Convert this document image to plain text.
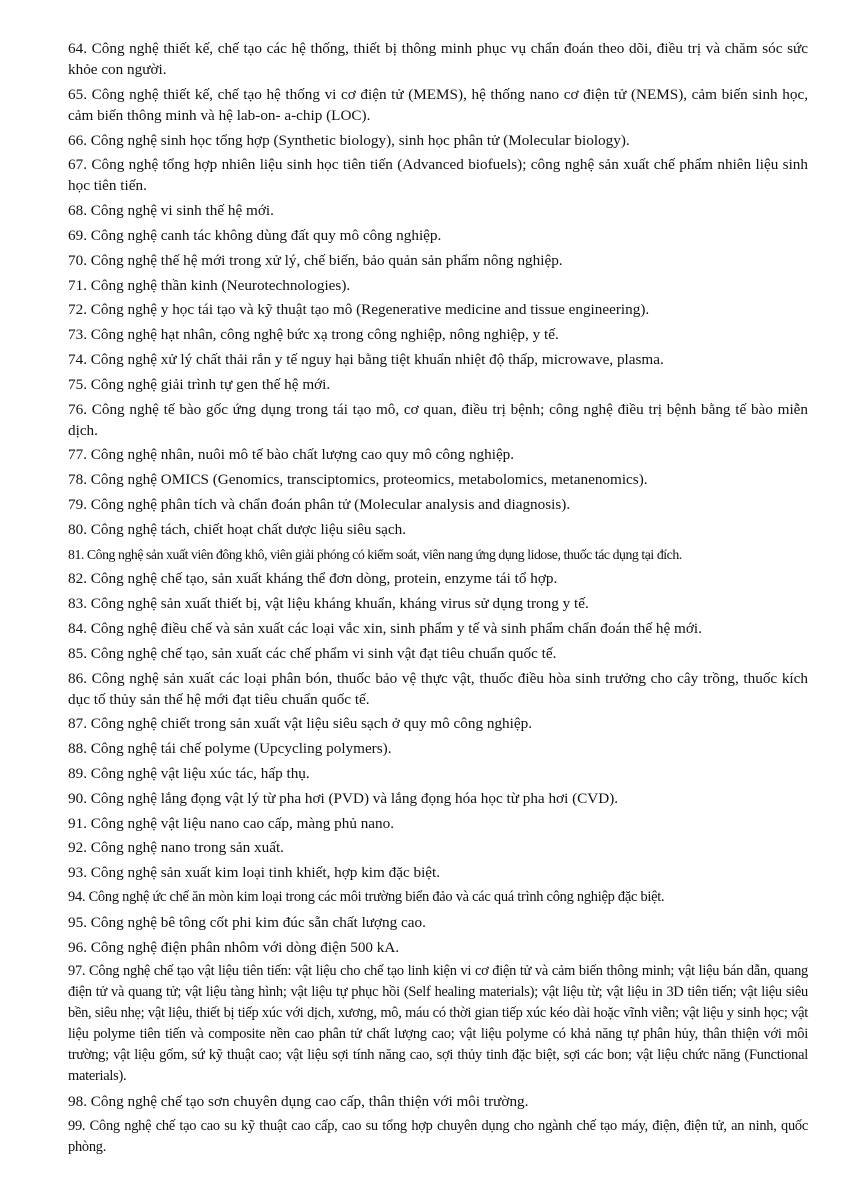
64. Công nghệ thiết kế, chế tạo các hệ thống, thiết bị thông minh phục vụ chẩn đoán theo dõi, điều trị và chăm sóc sức khỏe con người.

65. Công nghệ thiết kế, chế tạo hệ thống vi cơ điện tử (MEMS), hệ thống nano cơ điện tử (NEMS), cảm biến sinh học, cảm biến thông minh và hệ lab-on- a-chip (LOC).

66. Công nghệ sinh học tổng hợp (Synthetic biology), sinh học phân tử (Molecular biology).

67. Công nghệ tổng hợp nhiên liệu sinh học tiên tiến (Advanced biofuels); công nghệ sản xuất chế phẩm nhiên liệu sinh học tiên tiến.

68. Công nghệ vi sinh thế hệ mới.

69. Công nghệ canh tác không dùng đất quy mô công nghiệp.

70. Công nghệ thế hệ mới trong xử lý, chế biến, bảo quản sản phẩm nông nghiệp.

71. Công nghệ thần kinh (Neurotechnologies).

72. Công nghệ y học tái tạo và kỹ thuật tạo mô (Regenerative medicine and tissue engineering).

73. Công nghệ hạt nhân, công nghệ bức xạ trong công nghiệp, nông nghiệp, y tế.

74. Công nghệ xử lý chất thải rắn y tế nguy hại bằng tiệt khuẩn nhiệt độ thấp, microwave, plasma.

75. Công nghệ giải trình tự gen thế hệ mới.

76. Công nghệ tế bào gốc ứng dụng trong tái tạo mô, cơ quan, điều trị bệnh; công nghệ điều trị bệnh bằng tế bào miễn dịch.

77. Công nghệ nhân, nuôi mô tế bào chất lượng cao quy mô công nghiệp.

78. Công nghệ OMICS (Genomics, transciptomics, proteomics, metabolomics, metanenomics).

79. Công nghệ phân tích và chẩn đoán phân tử (Molecular analysis and diagnosis).

80. Công nghệ tách, chiết hoạt chất dược liệu siêu sạch.

81. Công nghệ sản xuất viên đông khô, viên giải phóng có kiểm soát, viên nang ứng dụng lidose, thuốc tác dụng tại đích.

82. Công nghệ chế tạo, sản xuất kháng thể đơn dòng, protein, enzyme tái tổ hợp.

83. Công nghệ sản xuất thiết bị, vật liệu kháng khuẩn, kháng virus sử dụng trong y tế.

84. Công nghệ điều chế và sản xuất các loại vắc xin, sinh phẩm y tế và sinh phẩm chẩn đoán thế hệ mới.

85. Công nghệ chế tạo, sản xuất các chế phẩm vi sinh vật đạt tiêu chuẩn quốc tế.

86. Công nghệ sản xuất các loại phân bón, thuốc bảo vệ thực vật, thuốc điều hòa sinh trưởng cho cây trồng, thuốc kích dục tố thủy sản thế hệ mới đạt tiêu chuẩn quốc tế.

87. Công nghệ chiết trong sản xuất vật liệu siêu sạch ở quy mô công nghiệp.

88. Công nghệ tái chế polyme (Upcycling polymers).

89. Công nghệ vật liệu xúc tác, hấp thụ.

90. Công nghệ lắng đọng vật lý từ pha hơi (PVD) và lắng đọng hóa học từ pha hơi (CVD).

91. Công nghệ vật liệu nano cao cấp, màng phủ nano.

92. Công nghệ nano trong sản xuất.

93. Công nghệ sản xuất kim loại tinh khiết, hợp kim đặc biệt.

94. Công nghệ ức chế ăn mòn kim loại trong các môi trường biển đảo và các quá trình công nghiệp đặc biệt.

95. Công nghệ bê tông cốt phi kim đúc sẵn chất lượng cao.

96. Công nghệ điện phân nhôm với dòng điện 500 kA.

97. Công nghệ chế tạo vật liệu tiên tiến: vật liệu cho chế tạo linh kiện vi cơ điện tử và cảm biến thông minh; vật liệu bán dẫn, quang điện tử và quang tử; vật liệu tàng hình; vật liệu tự phục hồi (Self healing materials); vật liệu từ; vật liệu in 3D tiên tiến; vật liệu siêu bền, siêu nhẹ; vật liệu, thiết bị tiếp xúc với dịch, xương, mô, máu có thời gian tiếp xúc kéo dài hoặc vĩnh viễn; vật liệu y sinh học; vật liệu polyme tiên tiến và composite nền cao phân tử chất lượng cao; vật liệu polyme có khả năng tự phân hủy, thân thiện với môi trường; vật liệu gốm, sứ kỹ thuật cao; vật liệu sợi tính năng cao, sợi thủy tinh đặc biệt, sợi các bon; vật liệu chức năng (Functional materials).

98. Công nghệ chế tạo sơn chuyên dụng cao cấp, thân thiện với môi trường.

99. Công nghệ chế tạo cao su kỹ thuật cao cấp, cao su tổng hợp chuyên dụng cho ngành chế tạo máy, điện, điện tử, an ninh, quốc phòng.
